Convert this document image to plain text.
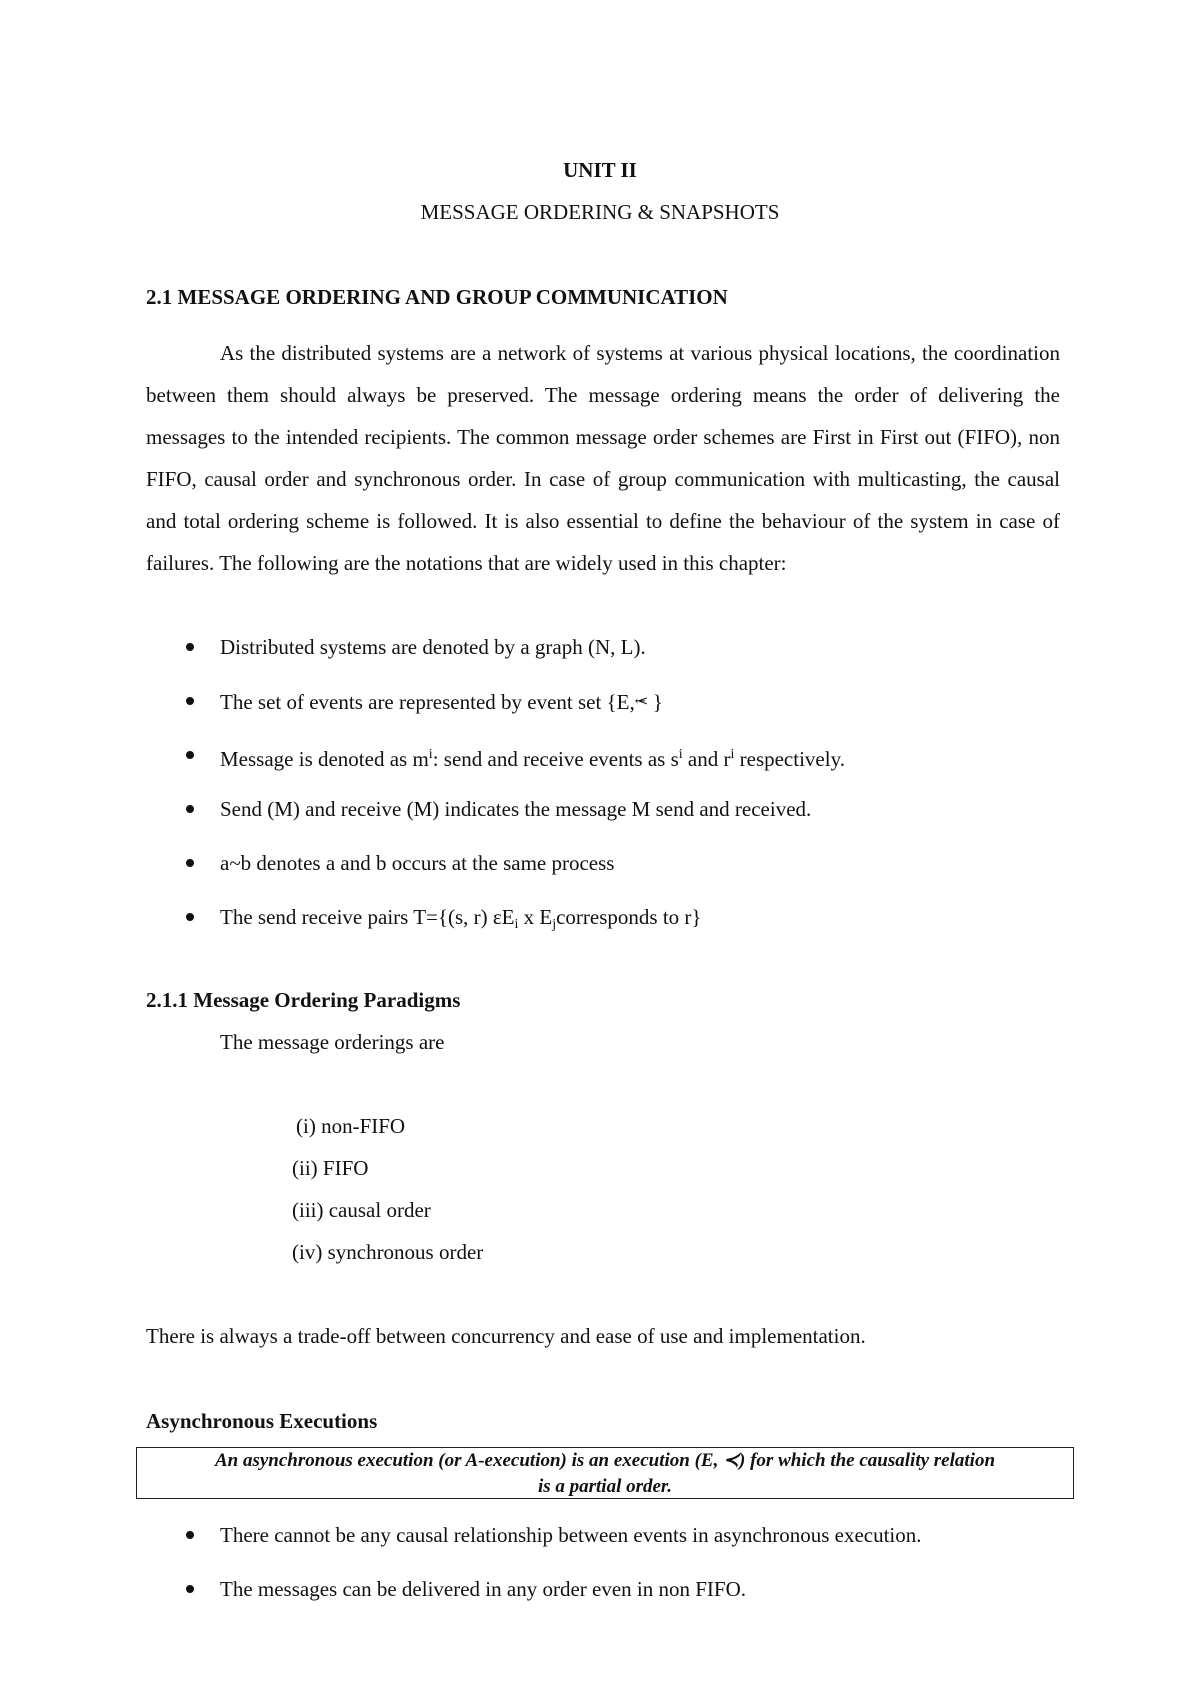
UNIT II
MESSAGE ORDERING & SNAPSHOTS
2.1 MESSAGE ORDERING AND GROUP COMMUNICATION

As the distributed systems are a network of systems at various physical locations, the coordination between them should always be preserved. The message ordering means the order of delivering the messages to the intended recipients. The common message order schemes are First in First out (FIFO), non FIFO, causal order and synchronous order. In case of group communication with multicasting, the causal and total ordering scheme is followed. It is also essential to define the behaviour of the system in case of failures. The following are the notations that are widely used in this chapter:

Distributed systems are denoted by a graph (N, L).
The set of events are represented by event set {E,⥷ }
Message is denoted as $m^i$: send and receive events as $s^i$ and $r^i$ respectively.
Send (M) and receive (M) indicates the message M send and received.
a~b denotes a and b occurs at the same process
The send receive pairs T={(s, r) $\varepsilon E_i$ x $E_jcorresponds$ to r}
2.1.1 Message Ordering Paradigms
The message orderings are
(i) non-FIFO
(ii) FIFO
(iii) causal order
(iv) synchronous order
There is always a trade-off between concurrency and ease of use and implementation.
Asynchronous Executions
An asynchronous execution (or A-execution) is an execution (E, ≺) for which the causality relation
is a partial order.
There cannot be any causal relationship between events in asynchronous execution.
The messages can be delivered in any order even in non FIFO.
